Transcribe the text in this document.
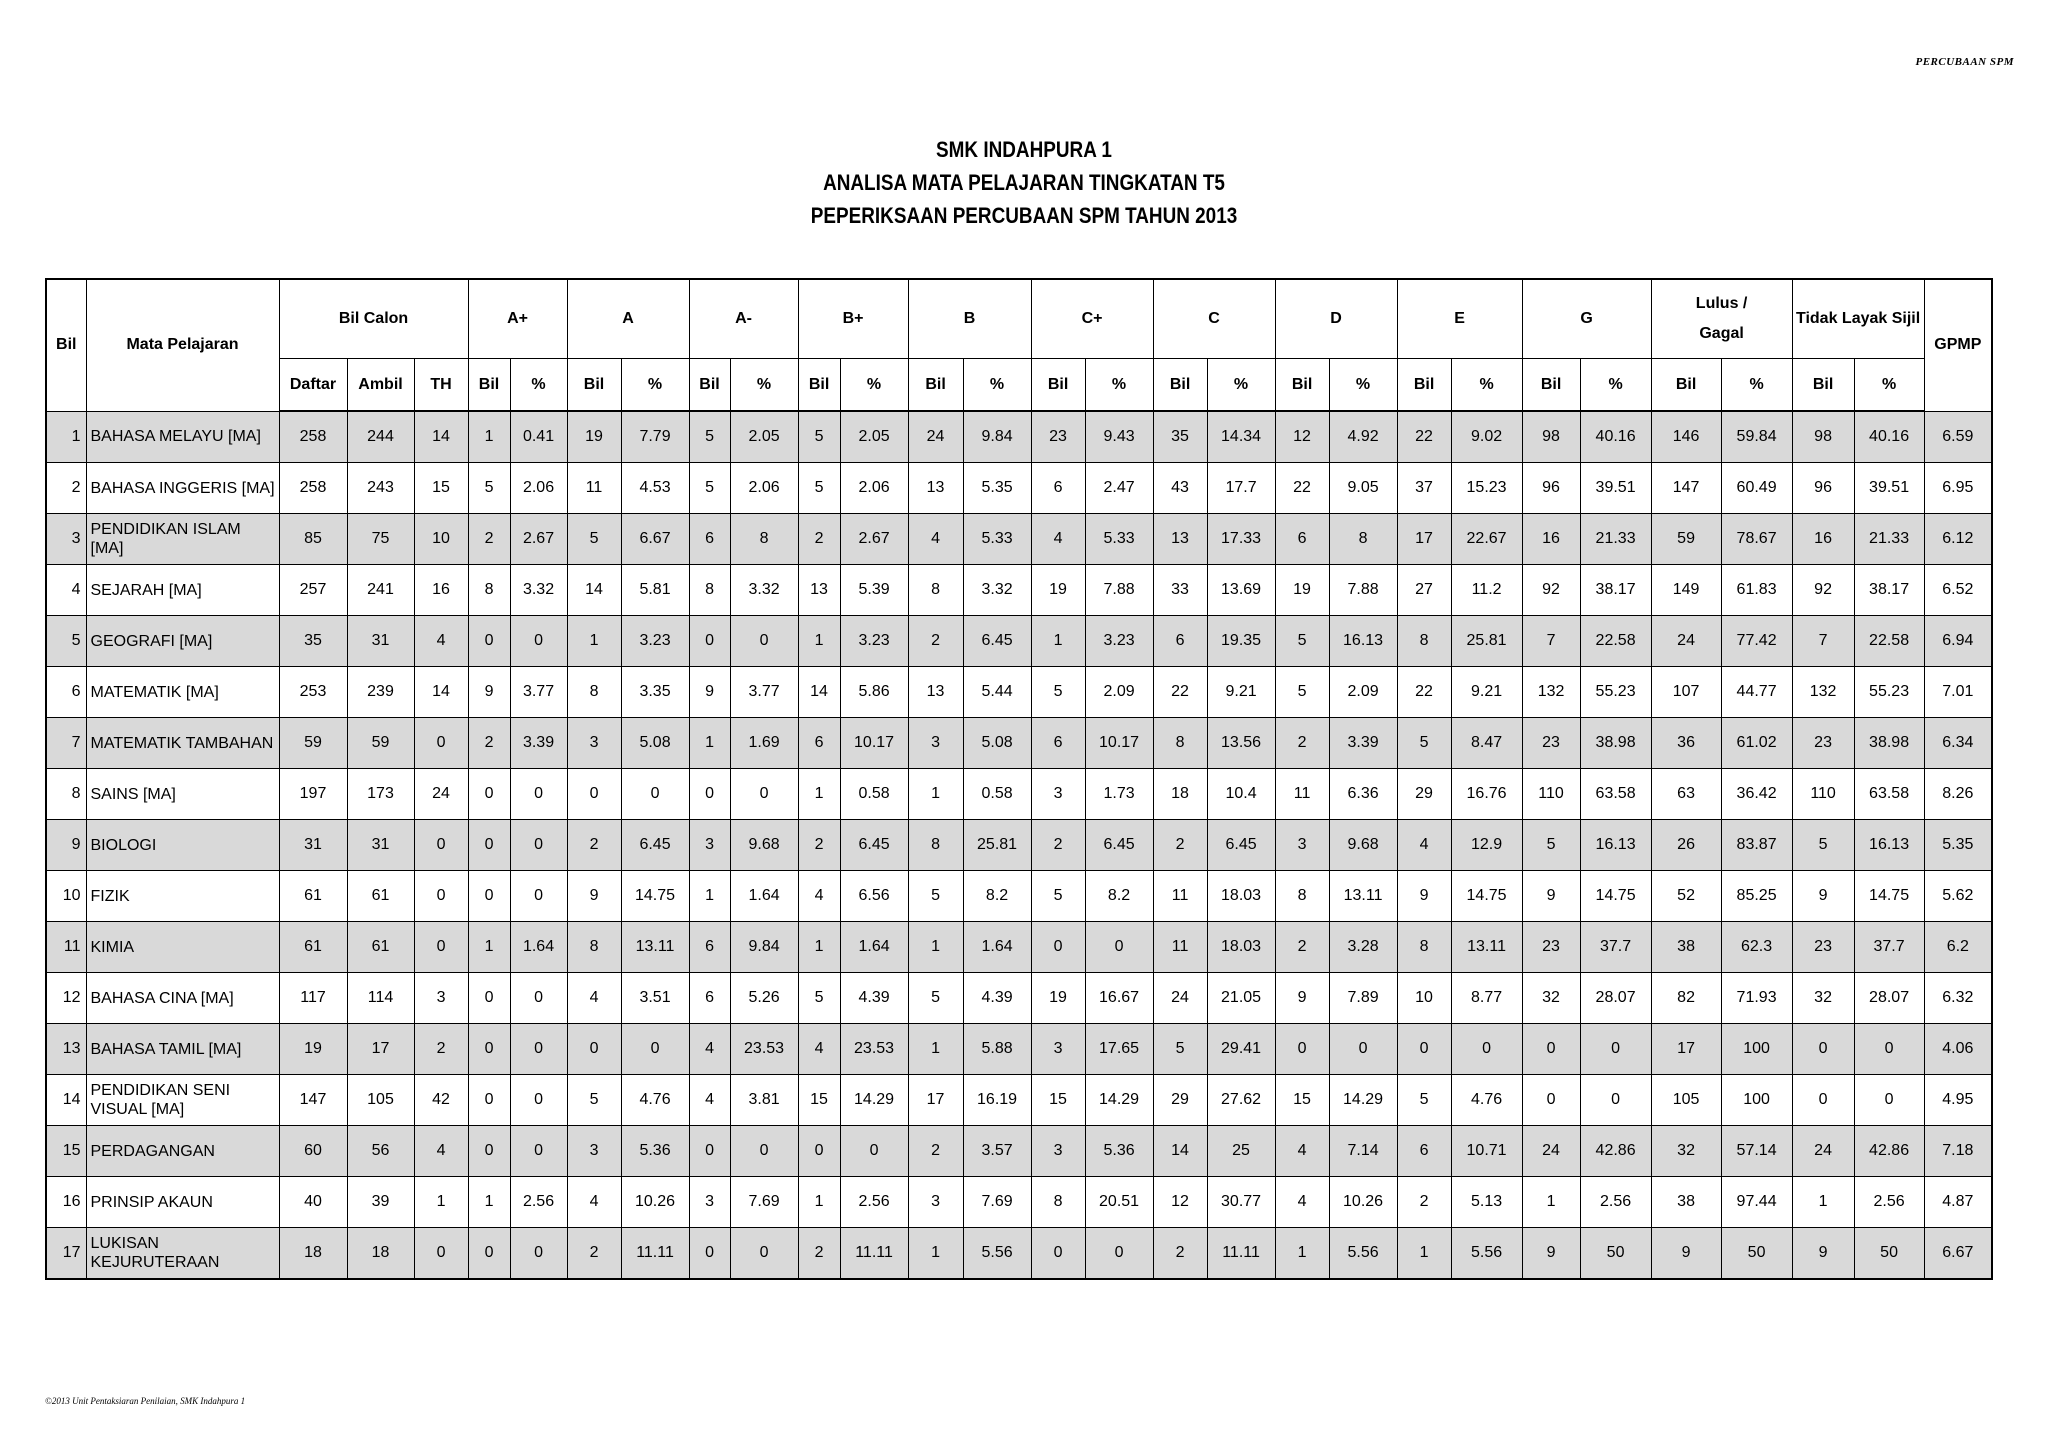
PERCUBAAN SPM
SMK INDAHPURA 1
ANALISA MATA PELAJARAN TINGKATAN T5
PEPERIKSAAN PERCUBAAN SPM TAHUN 2013
Bil	Mata Pelajaran	Bil Calon			A+		A		A-		B+		B		C+		C		D		E		G		Lulus /
Gagal		Tidak Layak Sijil		GPMP
		Daftar	Ambil	TH	Bil	%	Bil	%	Bil	%	Bil	%	Bil	%	Bil	%	Bil	%	Bil	%	Bil	%	Bil	%	Bil	%	Bil	%	
1	BAHASA MELAYU [MA]	258	244	14	1	0.41	19	7.79	5	2.05	5	2.05	24	9.84	23	9.43	35	14.34	12	4.92	22	9.02	98	40.16	146	59.84	98	40.16	6.59
2	BAHASA INGGERIS [MA]	258	243	15	5	2.06	11	4.53	5	2.06	5	2.06	13	5.35	6	2.47	43	17.7	22	9.05	37	15.23	96	39.51	147	60.49	96	39.51	6.95
3	PENDIDIKAN ISLAM [MA]	85	75	10	2	2.67	5	6.67	6	8	2	2.67	4	5.33	4	5.33	13	17.33	6	8	17	22.67	16	21.33	59	78.67	16	21.33	6.12
4	SEJARAH [MA]	257	241	16	8	3.32	14	5.81	8	3.32	13	5.39	8	3.32	19	7.88	33	13.69	19	7.88	27	11.2	92	38.17	149	61.83	92	38.17	6.52
5	GEOGRAFI [MA]	35	31	4	0	0	1	3.23	0	0	1	3.23	2	6.45	1	3.23	6	19.35	5	16.13	8	25.81	7	22.58	24	77.42	7	22.58	6.94
6	MATEMATIK [MA]	253	239	14	9	3.77	8	3.35	9	3.77	14	5.86	13	5.44	5	2.09	22	9.21	5	2.09	22	9.21	132	55.23	107	44.77	132	55.23	7.01
7	MATEMATIK TAMBAHAN	59	59	0	2	3.39	3	5.08	1	1.69	6	10.17	3	5.08	6	10.17	8	13.56	2	3.39	5	8.47	23	38.98	36	61.02	23	38.98	6.34
8	SAINS [MA]	197	173	24	0	0	0	0	0	0	1	0.58	1	0.58	3	1.73	18	10.4	11	6.36	29	16.76	110	63.58	63	36.42	110	63.58	8.26
9	BIOLOGI	31	31	0	0	0	2	6.45	3	9.68	2	6.45	8	25.81	2	6.45	2	6.45	3	9.68	4	12.9	5	16.13	26	83.87	5	16.13	5.35
10	FIZIK	61	61	0	0	0	9	14.75	1	1.64	4	6.56	5	8.2	5	8.2	11	18.03	8	13.11	9	14.75	9	14.75	52	85.25	9	14.75	5.62
11	KIMIA	61	61	0	1	1.64	8	13.11	6	9.84	1	1.64	1	1.64	0	0	11	18.03	2	3.28	8	13.11	23	37.7	38	62.3	23	37.7	6.2
12	BAHASA CINA [MA]	117	114	3	0	0	4	3.51	6	5.26	5	4.39	5	4.39	19	16.67	24	21.05	9	7.89	10	8.77	32	28.07	82	71.93	32	28.07	6.32
13	BAHASA TAMIL [MA]	19	17	2	0	0	0	0	4	23.53	4	23.53	1	5.88	3	17.65	5	29.41	0	0	0	0	0	0	17	100	0	0	4.06
14	PENDIDIKAN SENI VISUAL [MA]	147	105	42	0	0	5	4.76	4	3.81	15	14.29	17	16.19	15	14.29	29	27.62	15	14.29	5	4.76	0	0	105	100	0	0	4.95
15	PERDAGANGAN	60	56	4	0	0	3	5.36	0	0	0	0	2	3.57	3	5.36	14	25	4	7.14	6	10.71	24	42.86	32	57.14	24	42.86	7.18
16	PRINSIP AKAUN	40	39	1	1	2.56	4	10.26	3	7.69	1	2.56	3	7.69	8	20.51	12	30.77	4	10.26	2	5.13	1	2.56	38	97.44	1	2.56	4.87
17	LUKISAN KEJURUTERAAN	18	18	0	0	0	2	11.11	0	0	2	11.11	1	5.56	0	0	2	11.11	1	5.56	1	5.56	9	50	9	50	9	50	6.67
©2013 Unit Pentaksiaran Penilaian, SMK Indahpura 1
